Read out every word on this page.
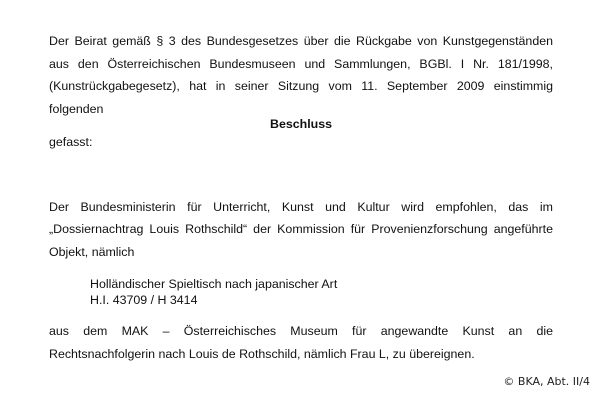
Der Beirat gemäß § 3 des Bundesgesetzes über die Rückgabe von Kunstgegenständen aus den Österreichischen Bundesmuseen und Sammlungen, BGBl. I Nr. 181/1998, (Kunstrückgabegesetz), hat in seiner Sitzung vom 11. September 2009 einstimmig folgenden

Beschluss

gefasst:

Der Bundesministerin für Unterricht, Kunst und Kultur wird empfohlen, das im „Dossiernachtrag Louis Rothschild“ der Kommission für Provenienzforschung angeführte Objekt, nämlich

Holländischer Spieltisch nach japanischer Art
H.I. 43709 / H 3414

aus dem MAK – Österreichisches Museum für angewandte Kunst an die Rechtsnachfolgerin nach Louis de Rothschild, nämlich Frau L, zu übereignen.

© BKA, Abt. II/4
